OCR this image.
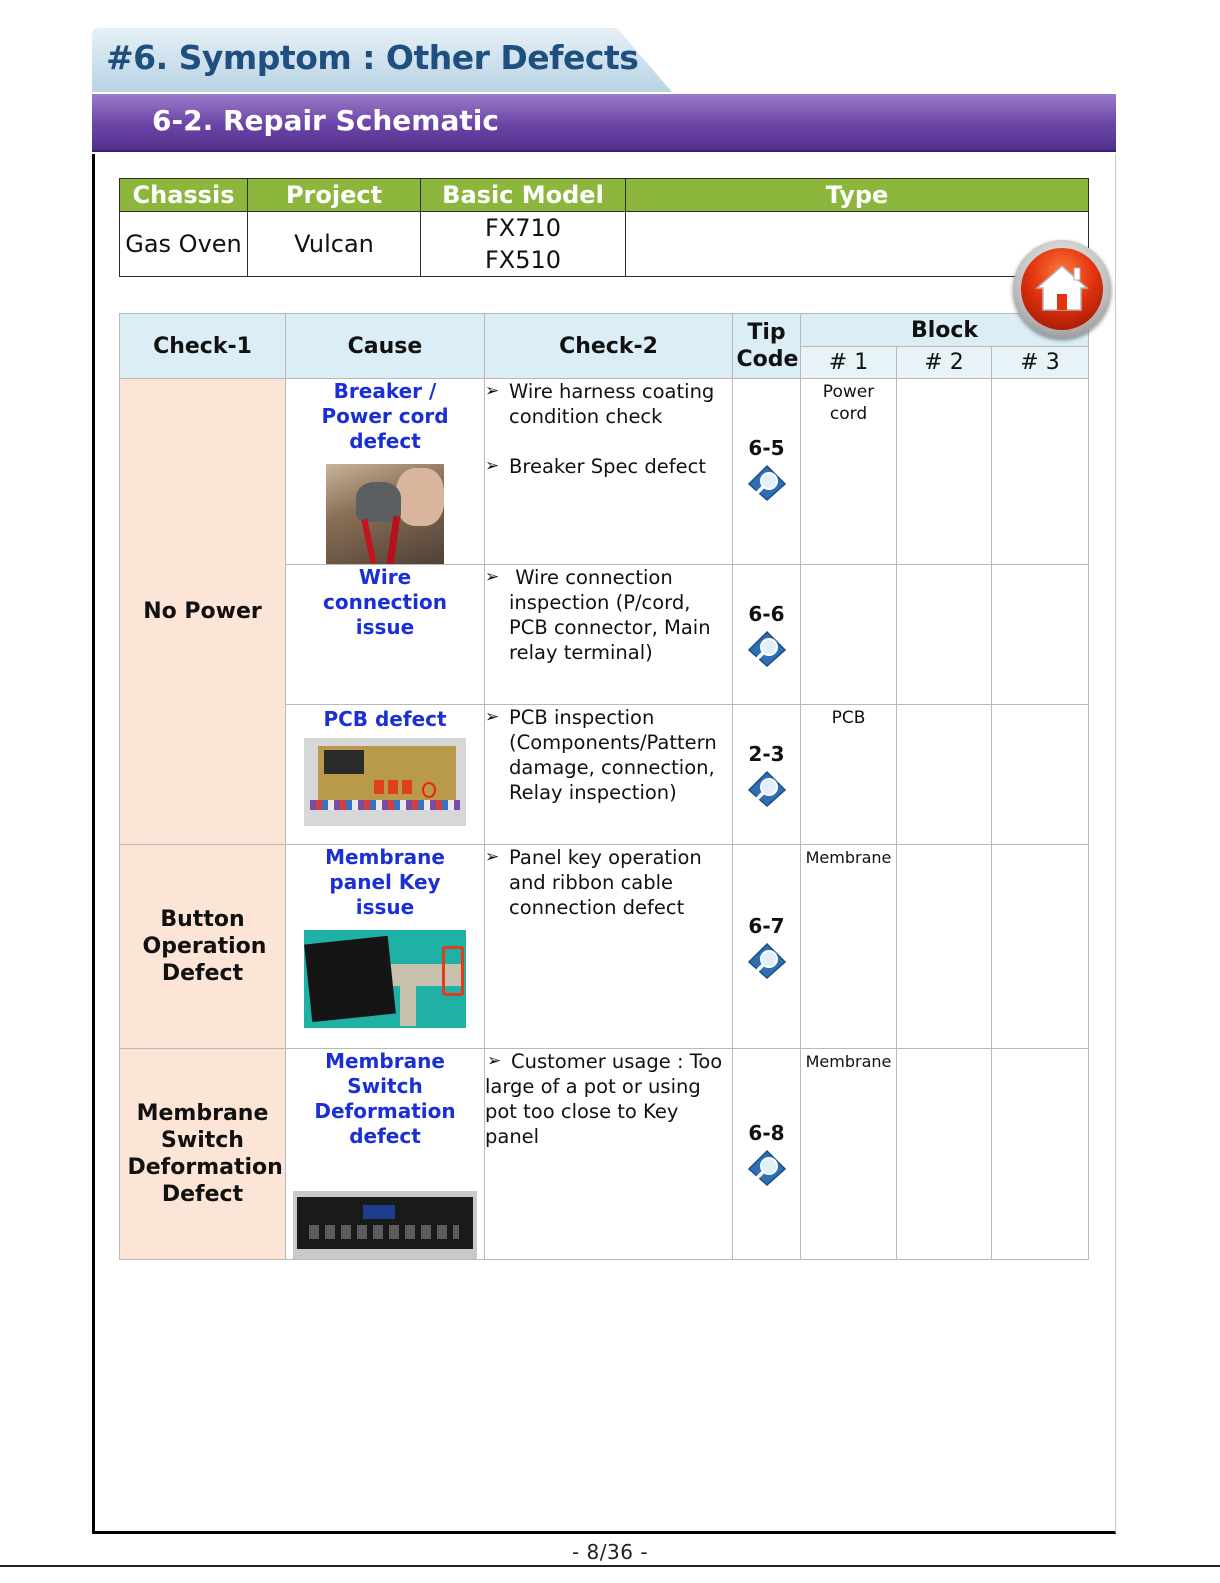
#6. Symptom : Other Defects
6-2. Repair Schematic
Chassis	Project	Basic Model	Type
Gas Oven	Vulcan	FX710
FX510	

Check-1	Cause	Check-2	Tip Code	Block		
				# 1	# 2	# 3
No Power	Breaker / Power cord defect	➢ Wire harness coating condition check
➢ Breaker Spec defect	6-5	Power cord		

	Wire connection issue	➢ Wire connection inspection (P/cord, PCB connector, Main relay terminal)	6-6			

	PCB defect	➢ PCB inspection (Components/Pattern damage, connection, Relay inspection)	2-3	PCB		
Button Operation Defect	Membrane panel Key issue	➢ Panel key operation and ribbon cable connection defect	6-7	Membrane		
Membrane Switch Deformation Defect	Membrane Switch Deformation defect	➢ Customer usage : Too
large of a pot or using pot too close to Key panel	6-8	Membrane		
- 8/36 -
